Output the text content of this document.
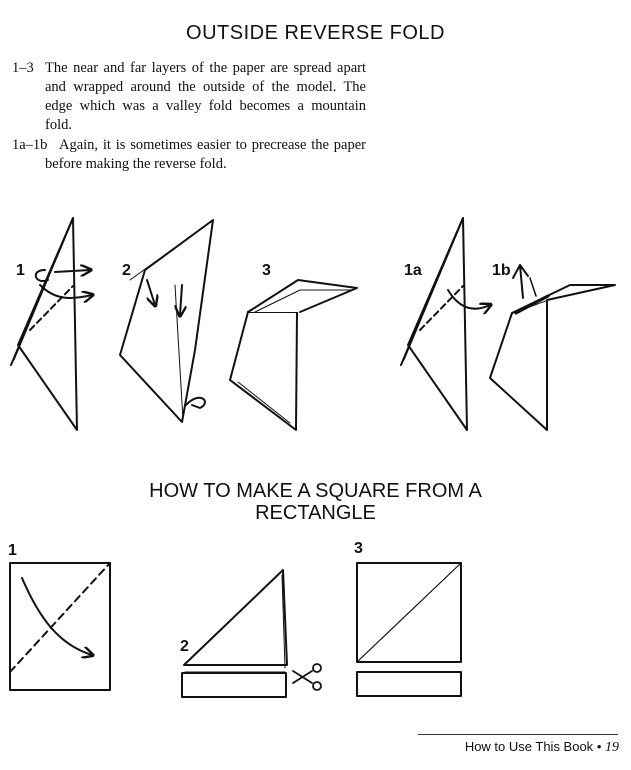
OUTSIDE REVERSE FOLD
1–3 The near and far layers of the paper are spread apart and wrapped around the outside of the model. The edge which was a valley fold becomes a mountain fold.
1a–1b Again, it is sometimes easier to precrease the paper before making the reverse fold.
1	2	3	1a	1b
HOW TO MAKE A SQUARE FROM A
RECTANGLE
1
2
3
How to Use This Book • 19
